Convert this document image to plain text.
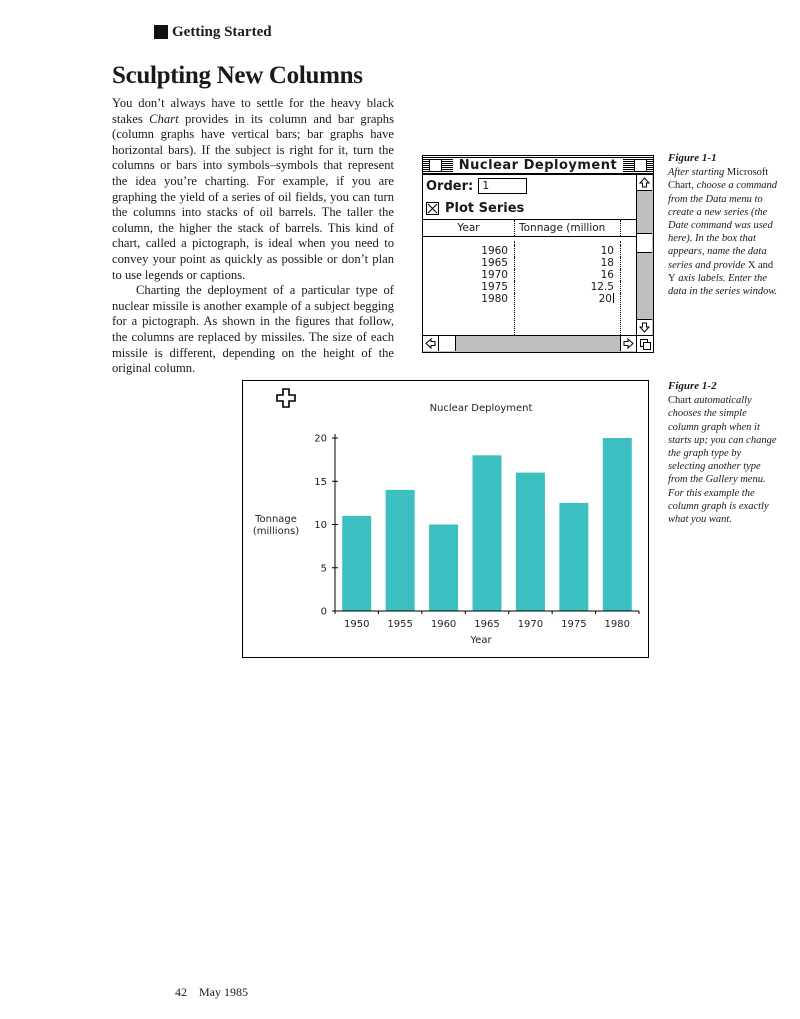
Getting Started
Sculpting New Columns

You don’t always have to settle for the heavy black stakes Chart provides in its column and bar graphs (column graphs have vertical bars; bar graphs have horizontal bars). If the subject is right for it, turn the columns or bars into symbols–symbols that represent the idea you’re charting. For example, if you are graphing the yield of a series of oil fields, you can turn the columns into stacks of oil barrels. The taller the column, the higher the stack of barrels. This kind of chart, called a pictograph, is ideal when you need to convey your point as quickly as possible or don’t plan to use legends or captions.

Charting the deployment of a particular type of nuclear missile is another example of a subject begging for a pictograph. As shown in the figures that follow, the columns are replaced by missiles. The size of each missile is different, depending on the height of the original column.

Nuclear Deployment
Order: 1
Plot Series
Year	Tonnage (million
1960	10
1965	18
1970	16
1975	12.5
1980	20
Figure 1-1
After starting Microsoft Chart, choose a command from the Data menu to create a new series (the Date command was used here). In the box that appears, name the data series and provide X and Y axis labels. Enter the data in the series window.
Nuclear Deployment
Tonnage
(millions)
0
5
10
15
20
1950 1955 1960 1965 1970 1975 1980
Year
Figure 1-2
Chart automatically chooses the simple column graph when it starts up; you can change the graph type by selecting another type from the Gallery menu. For this example the column graph is exactly what you want.
42 May 1985
